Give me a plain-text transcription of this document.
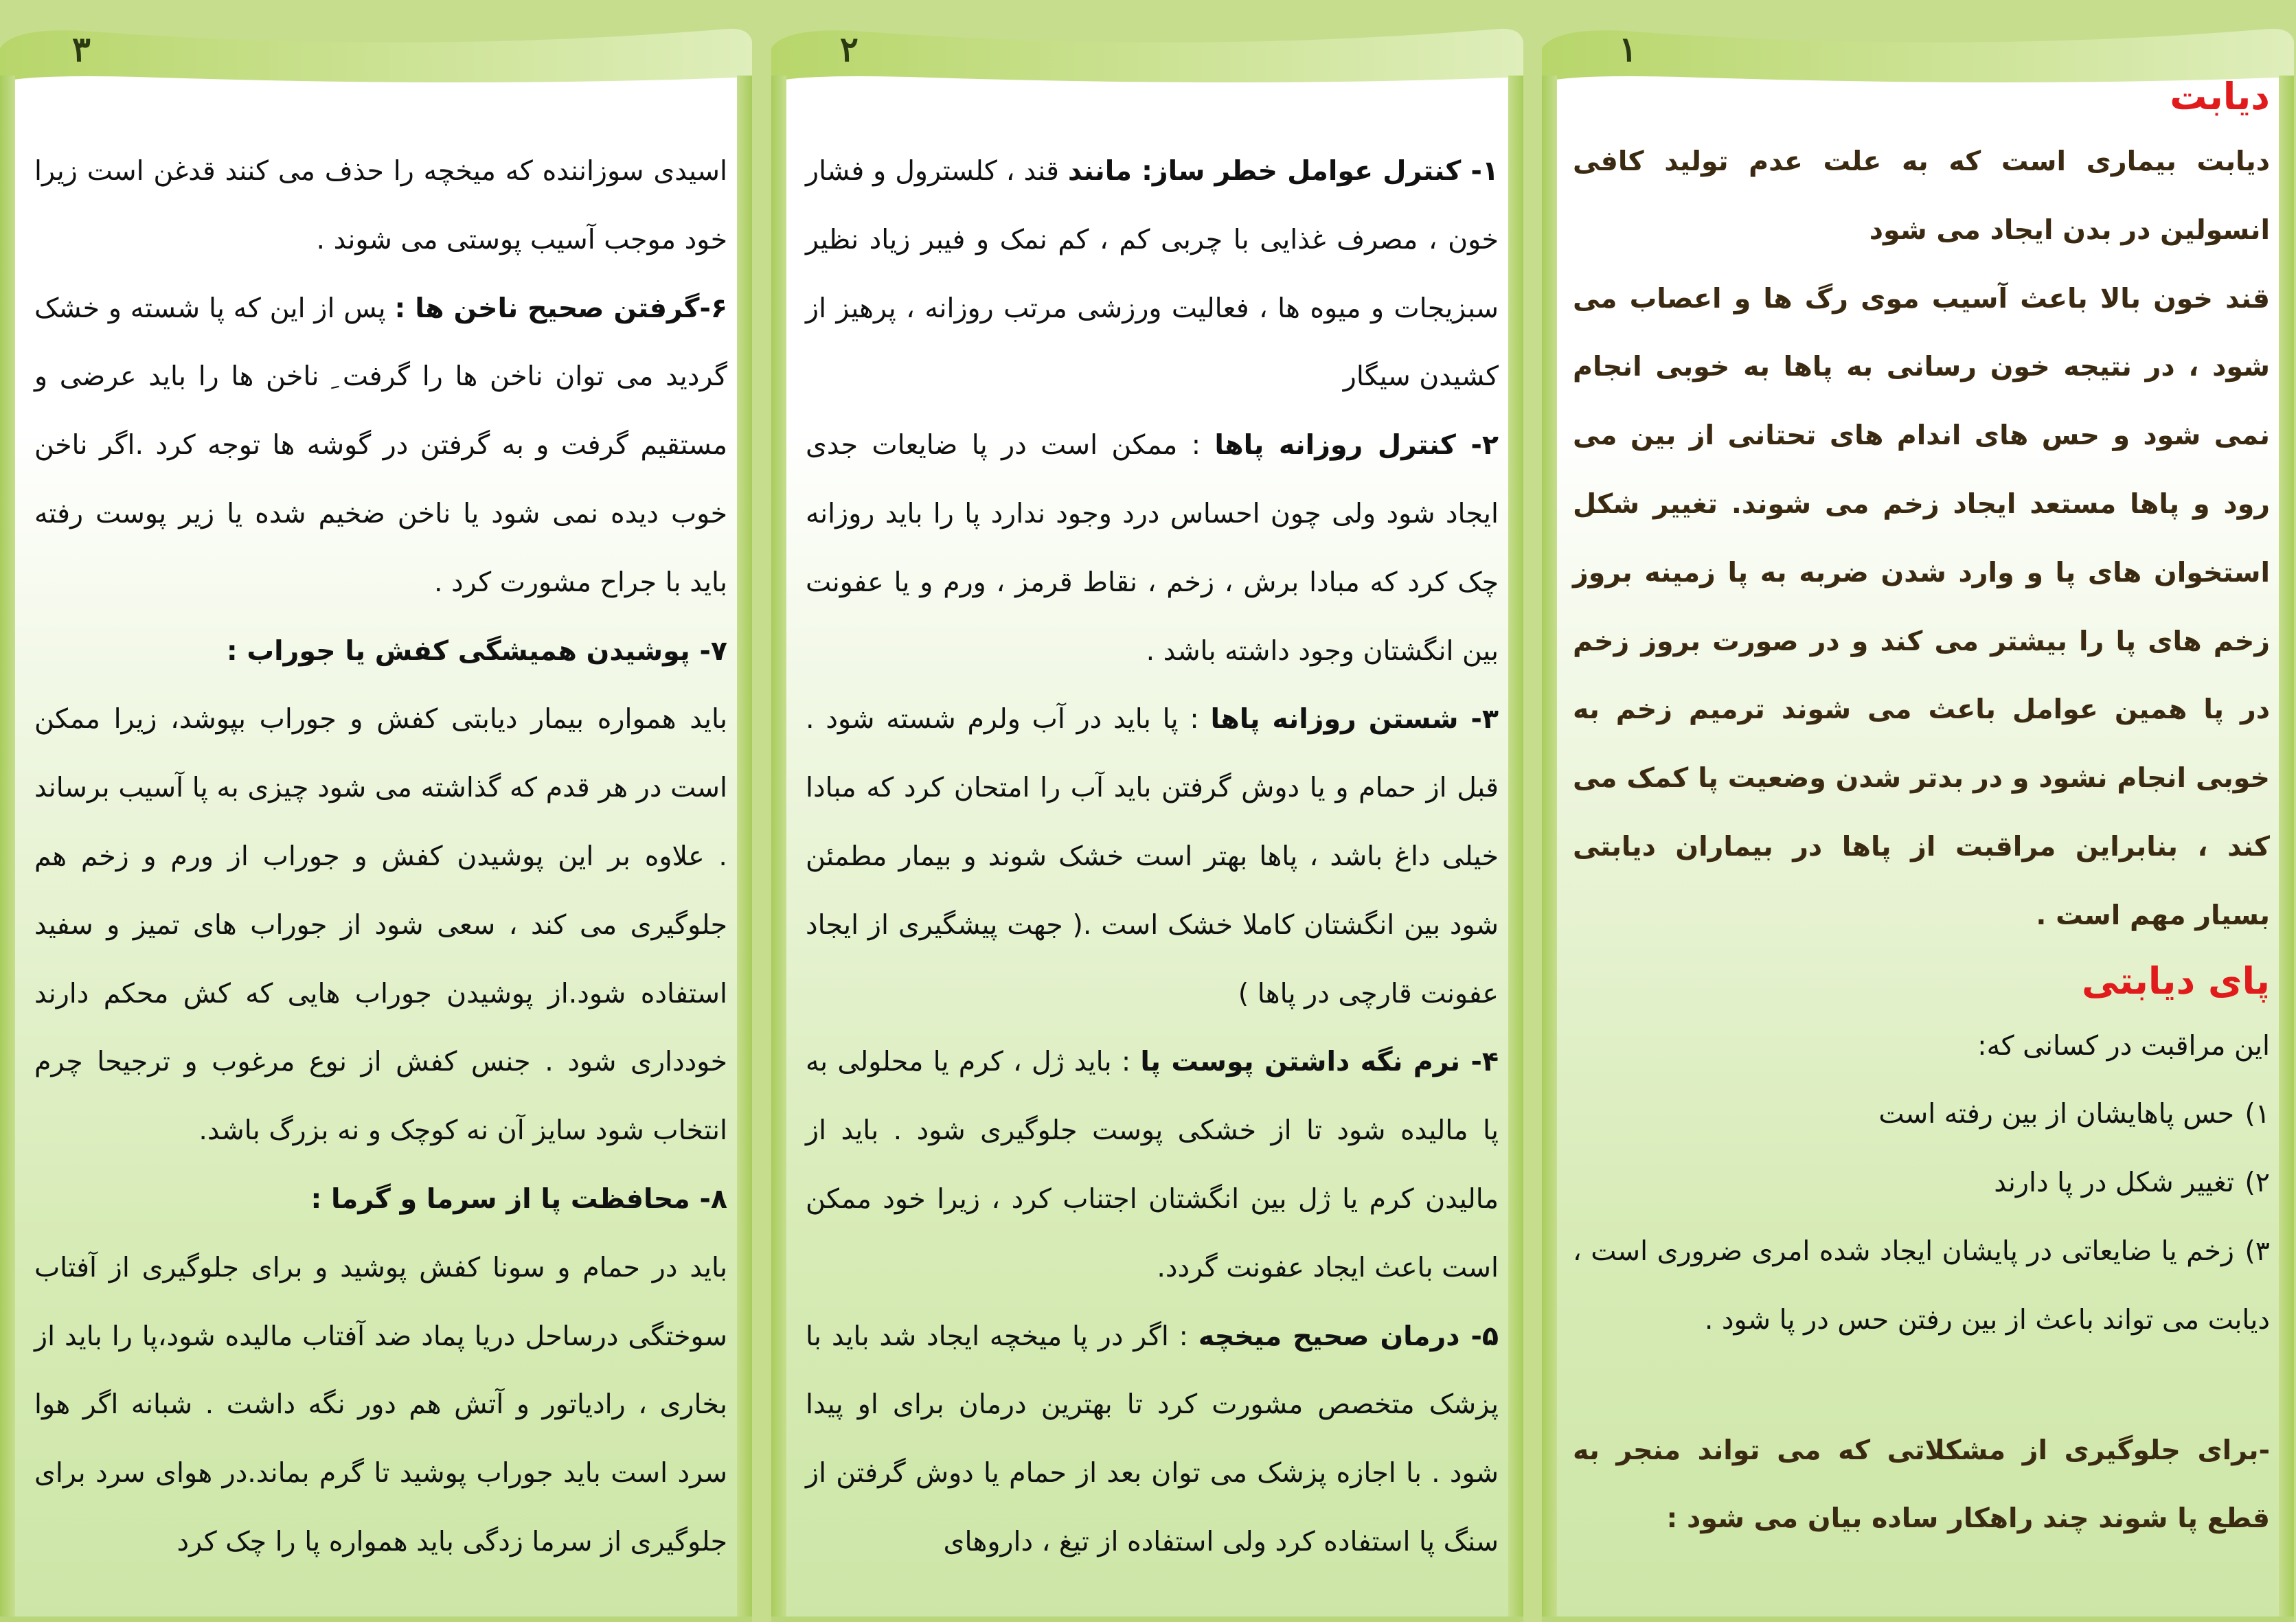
۳

اسیدی سوزاننده که میخچه را حذف می کنند قدغن است زیرا خود موجب آسیب پوستی می شوند .

۶-گرفتن صحیح ناخن ها : پس از این که پا شسته و خشک گردید می توان ناخن ها را گرفت ِ ناخن ها را باید عرضی و مستقیم گرفت و به گرفتن در گوشه ها توجه کرد .اگر ناخن خوب دیده نمی شود یا ناخن ضخیم شده یا زیر پوست رفته باید با جراح مشورت کرد .

۷- پوشیدن همیشگی کفش یا جوراب :

باید همواره بیمار دیابتی کفش و جوراب بپوشد، زیرا ممکن است در هر قدم که گذاشته می شود چیزی به پا آسیب برساند . علاوه بر این پوشیدن کفش و جوراب از ورم و زخم هم جلوگیری می کند ، سعی شود از جوراب های تمیز و سفید استفاده شود.از پوشیدن جوراب هایی که کش محکم دارند خودداری شود . جنس کفش از نوع مرغوب و ترجیحا چرم انتخاب شود سایز آن نه کوچک و نه بزرگ باشد.

۸- محافظت پا از سرما و گرما :

باید در حمام و سونا کفش پوشید و برای جلوگیری از آفتاب سوختگی درساحل دریا پماد ضد آفتاب مالیده شود،پا را باید از بخاری ، رادیاتور و آتش هم دور نگه داشت . شبانه اگر هوا سرد است باید جوراب پوشید تا گرم بماند.در هوای سرد برای جلوگیری از سرما زدگی باید همواره پا را چک کرد

۲

۱- کنترل عوامل خطر ساز: مانند قند ، کلسترول و فشار خون ، مصرف غذایی با چربی کم ، کم نمک و فیبر زیاد نظیر سبزیجات و میوه ها ، فعالیت ورزشی مرتب روزانه ، پرهیز از کشیدن سیگار

۲- کنترل روزانه پاها : ممکن است در پا ضایعات جدی ایجاد شود ولی چون احساس درد وجود ندارد پا را باید روزانه چک کرد که مبادا برش ، زخم ، نقاط قرمز ، ورم و یا عفونت بین انگشتان وجود داشته باشد .

۳- شستن روزانه پاها : پا باید در آب ولرم شسته شود . قبل از حمام و یا دوش گرفتن باید آب را امتحان کرد که مبادا خیلی داغ باشد ، پاها بهتر است خشک شوند و بیمار مطمئن شود بین انگشتان کاملا خشک است .( جهت پیشگیری از ایجاد عفونت قارچی در پاها )

۴- نرم نگه داشتن پوست پا : باید ژل ، کرم یا محلولی به پا مالیده شود تا از خشکی پوست جلوگیری شود . باید از مالیدن کرم یا ژل بین انگشتان اجتناب کرد ، زیرا خود ممکن است باعث ایجاد عفونت گردد.

۵- درمان صحیح میخچه : اگر در پا میخچه ایجاد شد باید با پزشک متخصص مشورت کرد تا بهترین درمان برای او پیدا شود . با اجازه پزشک می توان بعد از حمام یا دوش گرفتن از سنگ پا استفاده کرد ولی استفاده از تیغ ، داروهای

۱

دیابت

دیابت بیماری است که به علت عدم تولید کافی انسولین در بدن ایجاد می شود

قند خون بالا باعث آسیب موی رگ ها و اعصاب می شود ، در نتیجه خون رسانی به پاها به خوبی انجام نمی شود و حس های اندام های تحتانی از بین می رود و پاها مستعد ایجاد زخم می شوند. تغییر شکل استخوان های پا و وارد شدن ضربه به پا زمینه بروز زخم های پا را بیشتر می کند و در صورت بروز زخم در پا همین عوامل باعث می شوند ترمیم زخم به خوبی انجام نشود و در بدتر شدن وضعیت پا کمک می کند ، بنابراین مراقبت از پاها در بیماران دیابتی بسیار مهم است .

پای دیابتی

این مراقبت در کسانی که:

۱)حس پاهایشان از بین رفته است

۲)تغییر شکل در پا دارند

۳)زخم یا ضایعاتی در پایشان ایجاد شده امری ضروری است ، دیابت می تواند باعث از بین رفتن حس در پا شود .

-برای جلوگیری از مشکلاتی که می تواند منجر به قطع پا شوند چند راهکار ساده بیان می شود :
